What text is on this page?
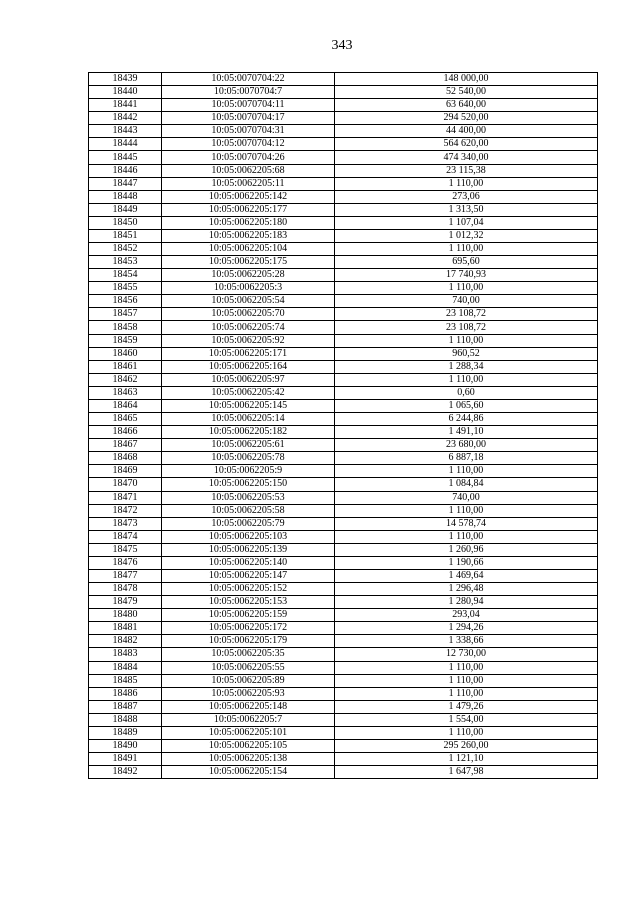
343
18439	10:05:0070704:22	148 000,00
18440	10:05:0070704:7	52 540,00
18441	10:05:0070704:11	63 640,00
18442	10:05:0070704:17	294 520,00
18443	10:05:0070704:31	44 400,00
18444	10:05:0070704:12	564 620,00
18445	10:05:0070704:26	474 340,00
18446	10:05:0062205:68	23 115,38
18447	10:05:0062205:11	1 110,00
18448	10:05:0062205:142	273,06
18449	10:05:0062205:177	1 313,50
18450	10:05:0062205:180	1 107,04
18451	10:05:0062205:183	1 012,32
18452	10:05:0062205:104	1 110,00
18453	10:05:0062205:175	695,60
18454	10:05:0062205:28	17 740,93
18455	10:05:0062205:3	1 110,00
18456	10:05:0062205:54	740,00
18457	10:05:0062205:70	23 108,72
18458	10:05:0062205:74	23 108,72
18459	10:05:0062205:92	1 110,00
18460	10:05:0062205:171	960,52
18461	10:05:0062205:164	1 288,34
18462	10:05:0062205:97	1 110,00
18463	10:05:0062205:42	0,60
18464	10:05:0062205:145	1 065,60
18465	10:05:0062205:14	6 244,86
18466	10:05:0062205:182	1 491,10
18467	10:05:0062205:61	23 680,00
18468	10:05:0062205:78	6 887,18
18469	10:05:0062205:9	1 110,00
18470	10:05:0062205:150	1 084,84
18471	10:05:0062205:53	740,00
18472	10:05:0062205:58	1 110,00
18473	10:05:0062205:79	14 578,74
18474	10:05:0062205:103	1 110,00
18475	10:05:0062205:139	1 260,96
18476	10:05:0062205:140	1 190,66
18477	10:05:0062205:147	1 469,64
18478	10:05:0062205:152	1 296,48
18479	10:05:0062205:153	1 280,94
18480	10:05:0062205:159	293,04
18481	10:05:0062205:172	1 294,26
18482	10:05:0062205:179	1 338,66
18483	10:05:0062205:35	12 730,00
18484	10:05:0062205:55	1 110,00
18485	10:05:0062205:89	1 110,00
18486	10:05:0062205:93	1 110,00
18487	10:05:0062205:148	1 479,26
18488	10:05:0062205:7	1 554,00
18489	10:05:0062205:101	1 110,00
18490	10:05:0062205:105	295 260,00
18491	10:05:0062205:138	1 121,10
18492	10:05:0062205:154	1 647,98
